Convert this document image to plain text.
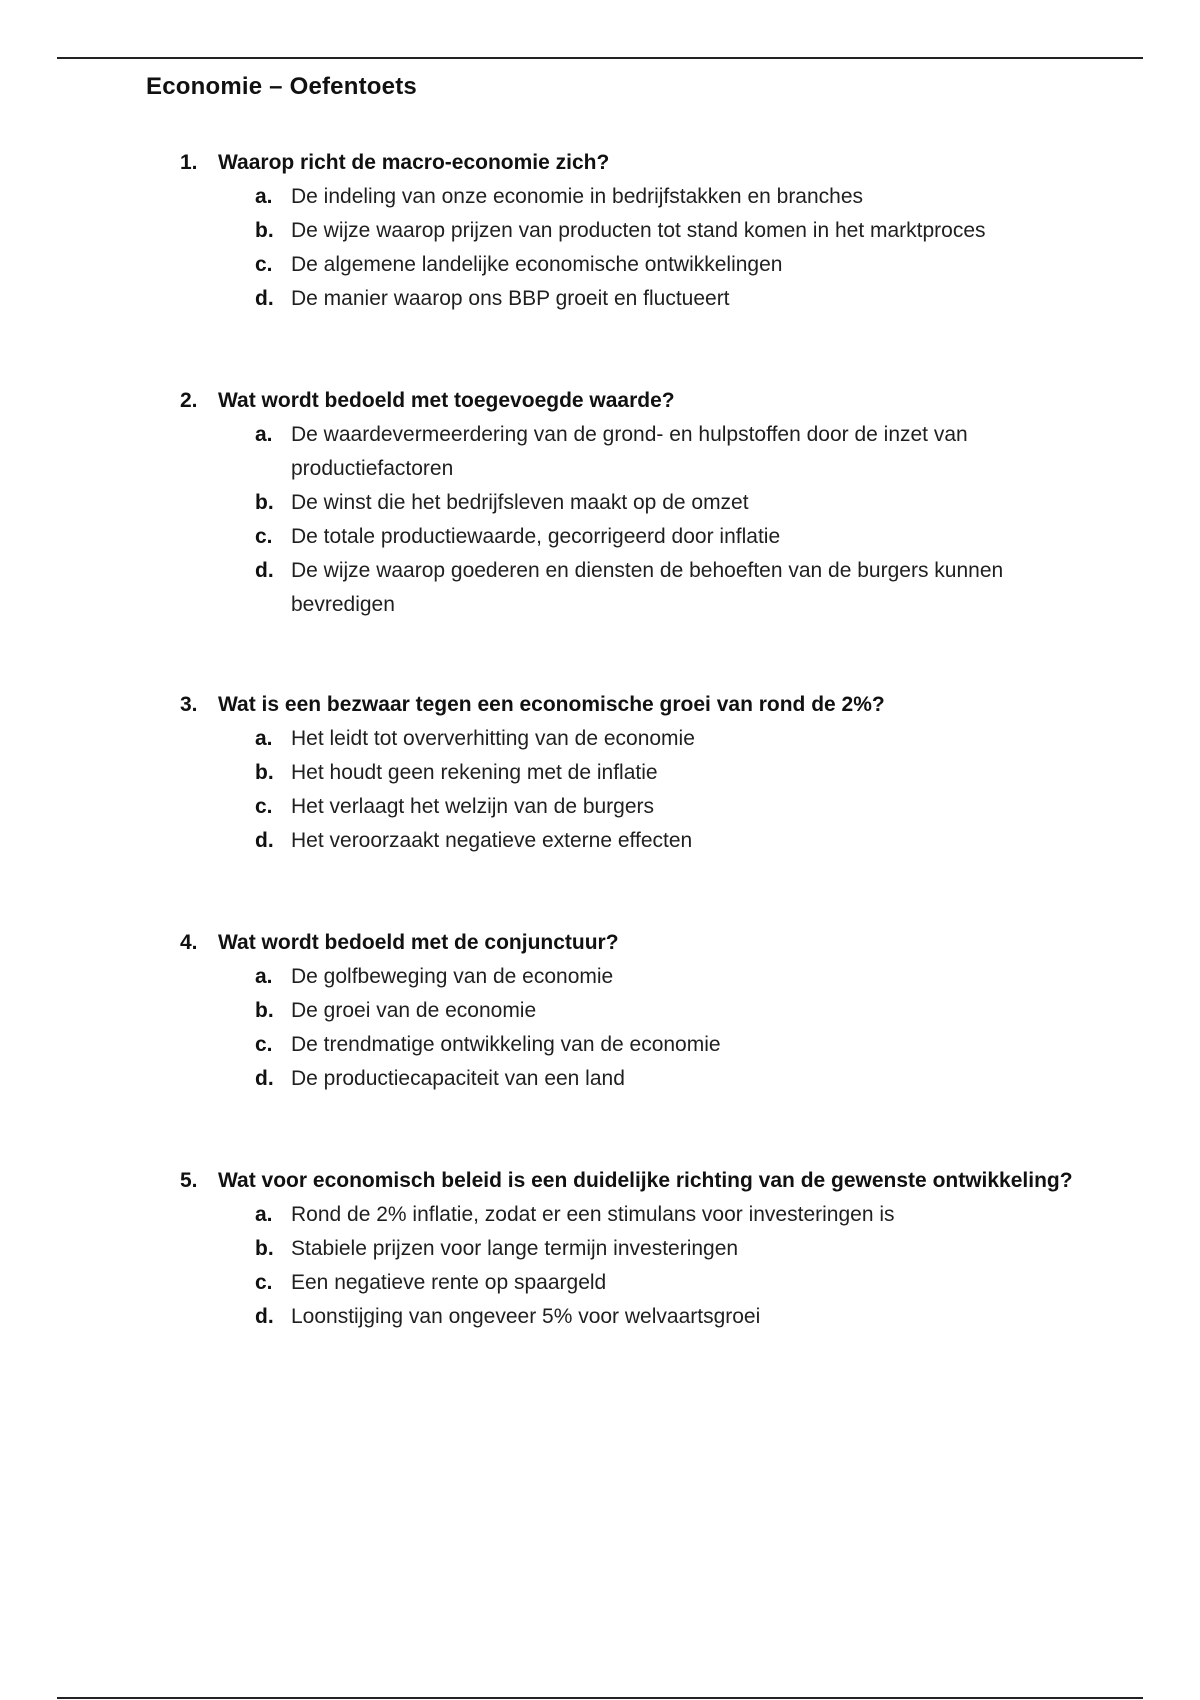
Economie – Oefentoets
1. Waarop richt de macro-economie zich?
a. De indeling van onze economie in bedrijfstakken en branches
b. De wijze waarop prijzen van producten tot stand komen in het marktproces
c. De algemene landelijke economische ontwikkelingen
d. De manier waarop ons BBP groeit en fluctueert
2. Wat wordt bedoeld met toegevoegde waarde?
a. De waardevermeerdering van de grond- en hulpstoffen door de inzet van productiefactoren
b. De winst die het bedrijfsleven maakt op de omzet
c. De totale productiewaarde, gecorrigeerd door inflatie
d. De wijze waarop goederen en diensten de behoeften van de burgers kunnen bevredigen
3. Wat is een bezwaar tegen een economische groei van rond de 2%?
a. Het leidt tot oververhitting van de economie
b. Het houdt geen rekening met de inflatie
c. Het verlaagt het welzijn van de burgers
d. Het veroorzaakt negatieve externe effecten
4. Wat wordt bedoeld met de conjunctuur?
a. De golfbeweging van de economie
b. De groei van de economie
c. De trendmatige ontwikkeling van de economie
d. De productiecapaciteit van een land
5. Wat voor economisch beleid is een duidelijke richting van de gewenste ontwikkeling?
a. Rond de 2% inflatie, zodat er een stimulans voor investeringen is
b. Stabiele prijzen voor lange termijn investeringen
c. Een negatieve rente op spaargeld
d. Loonstijging van ongeveer 5% voor welvaartsgroei
